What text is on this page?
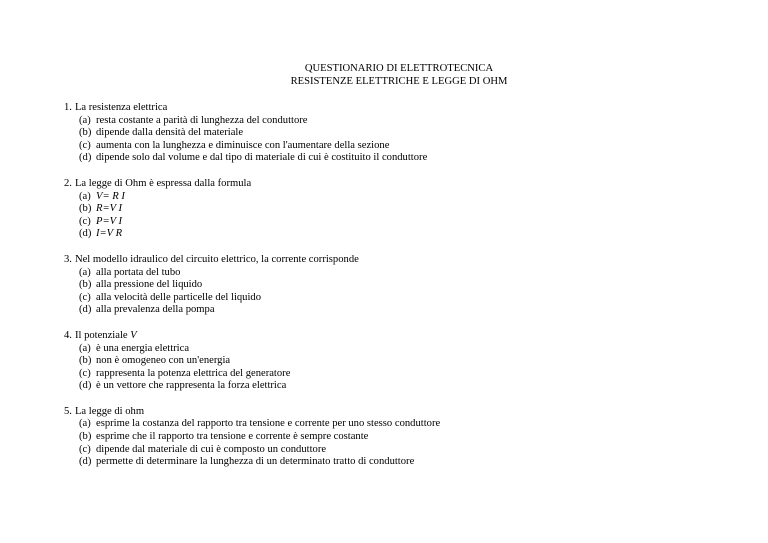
QUESTIONARIO DI ELETTROTECNICA
RESISTENZE ELETTRICHE E LEGGE DI OHM
1. La resistenza elettrica
(a) resta costante a parità di lunghezza del conduttore
(b) dipende dalla densità del materiale
(c) aumenta con la lunghezza e diminuisce con l'aumentare della sezione
(d) dipende solo dal volume e dal tipo di materiale di cui è costituito il conduttore
2. La legge di Ohm è espressa dalla formula
(a) V= R I
(b) R=V I
(c) P=V I
(d) I=V R
3. Nel modello idraulico del circuito elettrico, la corrente corrisponde
(a) alla portata del tubo
(b) alla pressione del liquido
(c) alla velocità delle particelle del liquido
(d) alla prevalenza della pompa
4. Il potenziale V
(a) è una energia elettrica
(b) non è omogeneo con un'energia
(c) rappresenta la potenza elettrica del generatore
(d) è un vettore che rappresenta la forza elettrica
5. La legge di ohm
(a) esprime la costanza del rapporto tra tensione e corrente per uno stesso conduttore
(b) esprime che il rapporto tra tensione e corrente è sempre costante
(c) dipende dal materiale di cui è composto un conduttore
(d) permette di determinare la lunghezza di un determinato tratto di conduttore
